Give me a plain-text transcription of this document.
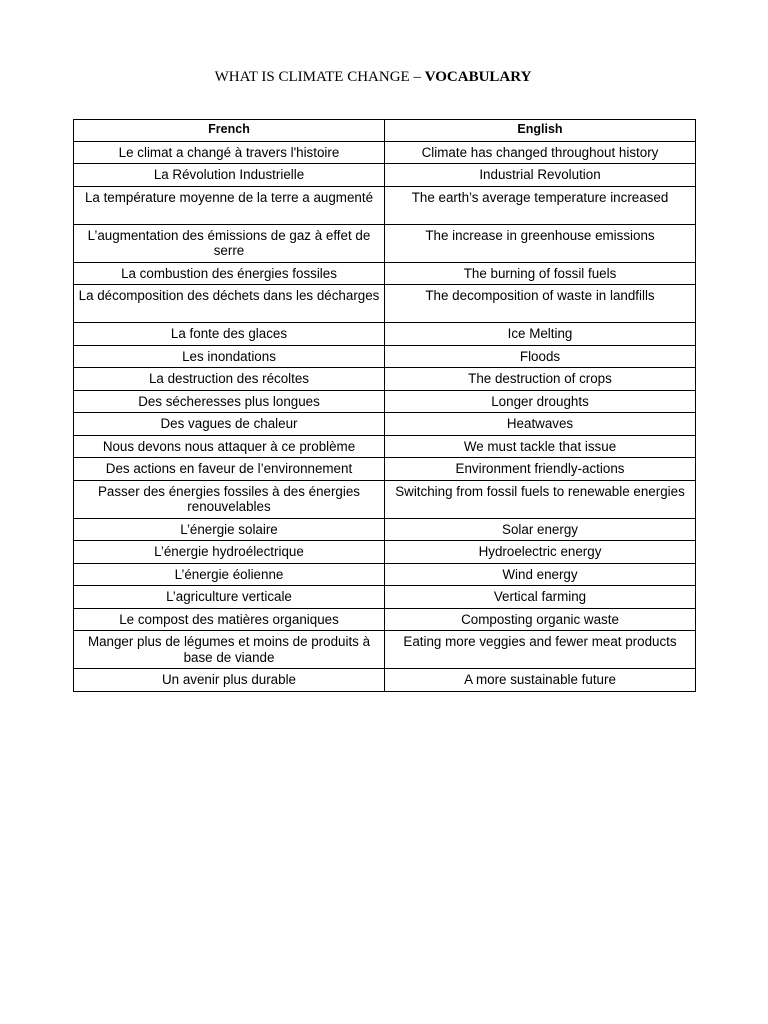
WHAT IS CLIMATE CHANGE – VOCABULARY
French	English
Le climat a changé à travers l'histoire	Climate has changed throughout history
La Révolution Industrielle	Industrial Revolution
La température moyenne de la terre a augmenté	The earth’s average temperature increased
L’augmentation des émissions de gaz à effet de serre	The increase in greenhouse emissions
La combustion des énergies fossiles	The burning of fossil fuels
La décomposition des déchets dans les décharges	The decomposition of waste in landfills
La fonte des glaces	Ice Melting
Les inondations	Floods
La destruction des récoltes	The destruction of crops
Des sécheresses plus longues	Longer droughts
Des vagues de chaleur	Heatwaves
Nous devons nous attaquer à ce problème	We must tackle that issue
Des actions en faveur de l’environnement	Environment friendly-actions
Passer des énergies fossiles à des énergies renouvelables	Switching from fossil fuels to renewable energies
L’énergie solaire	Solar energy
L’énergie hydroélectrique	Hydroelectric energy
L’énergie éolienne	Wind energy
L’agriculture verticale	Vertical farming
Le compost des matières organiques	Composting organic waste
Manger plus de légumes et moins de produits à base de viande	Eating more veggies and fewer meat products
Un avenir plus durable	A more sustainable future
